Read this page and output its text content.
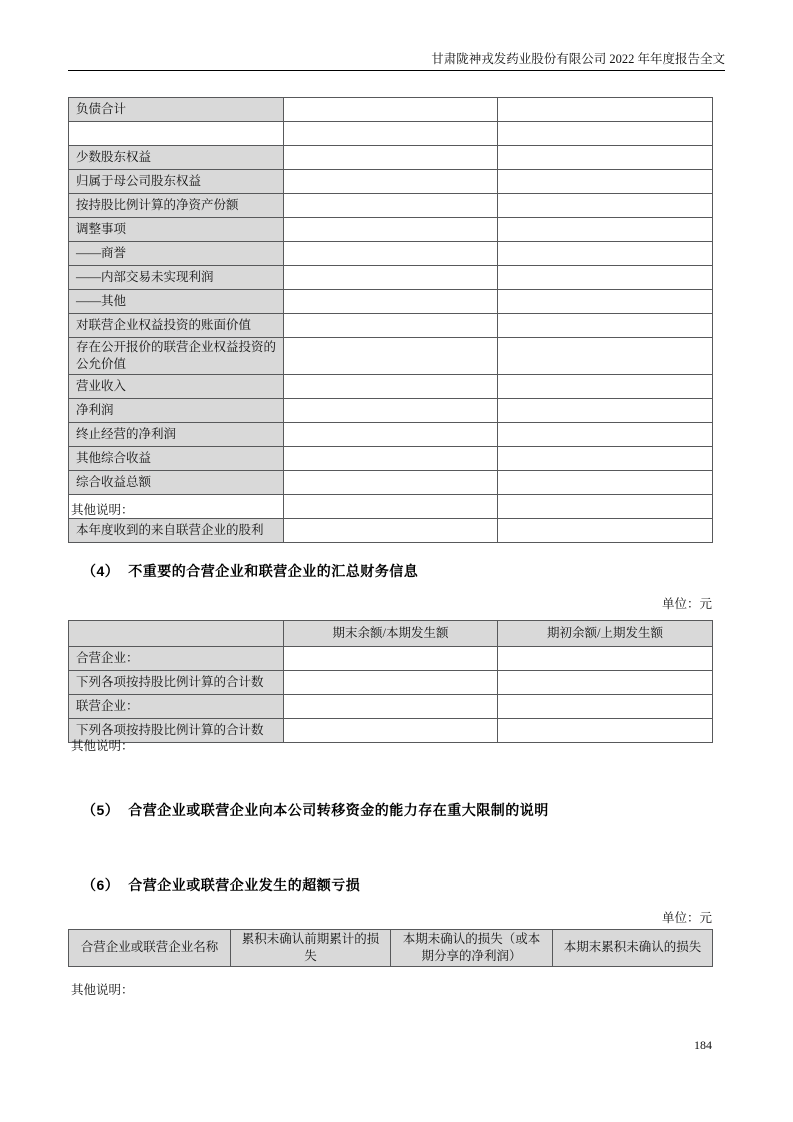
甘肃陇神戎发药业股份有限公司 2022 年年度报告全文
负债合计		

少数股东权益		
归属于母公司股东权益		
按持股比例计算的净资产份额		
调整事项		
——商誉		
——内部交易未实现利润		
——其他		
对联营企业权益投资的账面价值		
存在公开报价的联营企业权益投资的公允价值		
营业收入		
净利润		
终止经营的净利润		
其他综合收益		
综合收益总额		

本年度收到的来自联营企业的股利		
其他说明：
（4） 不重要的合营企业和联营企业的汇总财务信息
单位：元
	期末余额/本期发生额	期初余额/上期发生额
合营企业：		
下列各项按持股比例计算的合计数		
联营企业：		
下列各项按持股比例计算的合计数		
其他说明：
（5） 合营企业或联营企业向本公司转移资金的能力存在重大限制的说明
（6） 合营企业或联营企业发生的超额亏损
单位：元
合营企业或联营企业名称	累积未确认前期累计的损失	本期未确认的损失（或本期分享的净利润）	本期末累积未确认的损失
其他说明：
184
